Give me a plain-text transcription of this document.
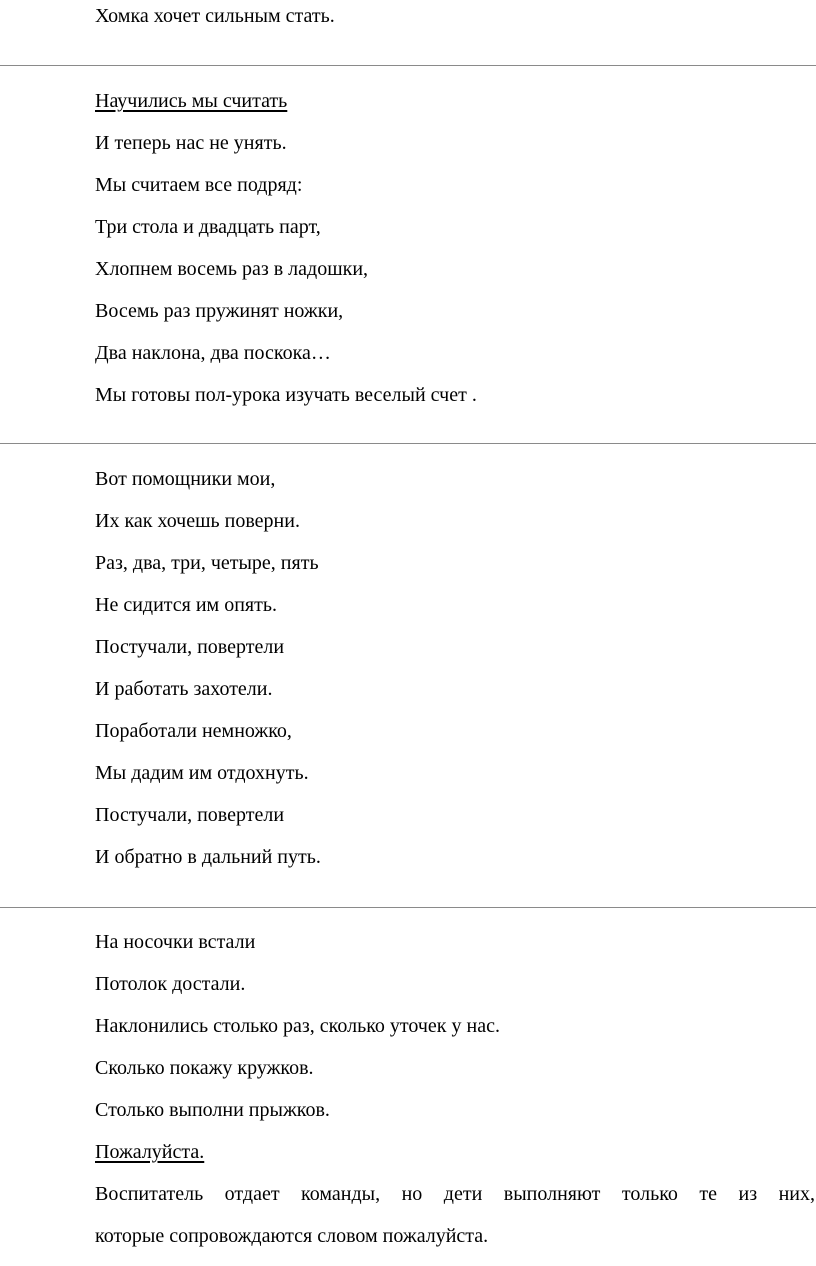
Хомка хочет сильным стать.
Научились мы считать
И теперь нас не унять.
Мы считаем все подряд:
Три стола и двадцать парт,
Хлопнем восемь раз в ладошки,
Восемь раз пружинят ножки,
Два наклона, два поскока…
Мы готовы пол-урока изучать веселый счет .
Вот помощники мои,
Их как хочешь поверни.
Раз, два, три, четыре, пять
Не сидится им опять.
Постучали, повертели
И работать захотели.
Поработали немножко,
Мы дадим им отдохнуть.
Постучали, повертели
И обратно в дальний путь.
На носочки встали
Потолок достали.
Наклонились столько раз, сколько уточек у нас.
Сколько покажу кружков.
Столько выполни прыжков.
Пожалуйста.
Воспитатель отдает команды, но дети выполняют только те из них,
которые сопровождаются словом пожалуйста.
